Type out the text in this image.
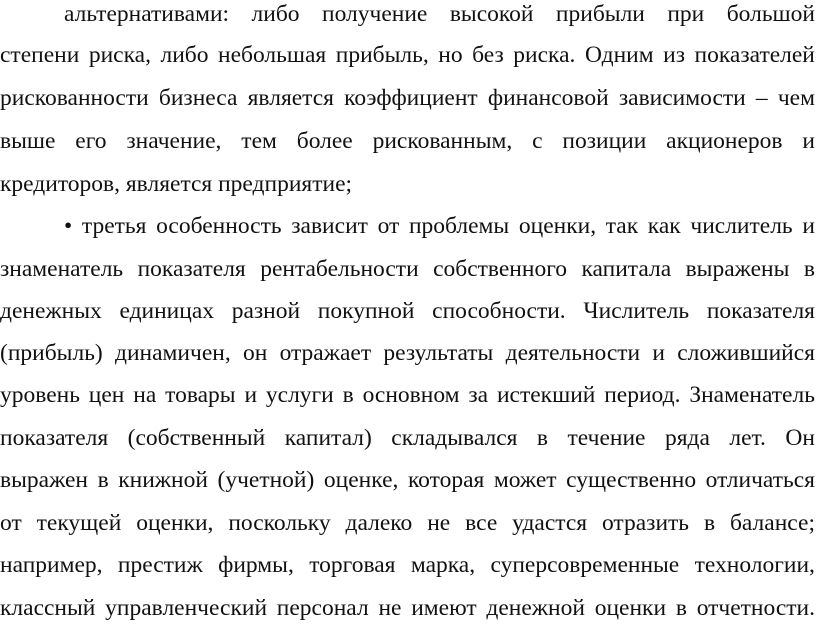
альтернативами: либо получение высокой прибыли при большой
степени риска, либо небольшая прибыль, но без риска. Одним из показателей
рискованности бизнеса является коэффициент финансовой зависимости – чем
выше его значение, тем более рискованным, с позиции акционеров и
кредиторов, является предприятие;
• третья особенность зависит от проблемы оценки, так как числитель и
знаменатель показателя рентабельности собственного капитала выражены в
денежных единицах разной покупной способности. Числитель показателя
(прибыль) динамичен, он отражает результаты деятельности и сложившийся
уровень цен на товары и услуги в основном за истекший период. Знаменатель
показателя (собственный капитал) складывался в течение ряда лет. Он
выражен в книжной (учетной) оценке, которая может существенно отличаться
от текущей оценки, поскольку далеко не все удастся отразить в балансе;
например, престиж фирмы, торговая марка, суперсовременные технологии,
классный управленческий персонал не имеют денежной оценки в отчетности.
